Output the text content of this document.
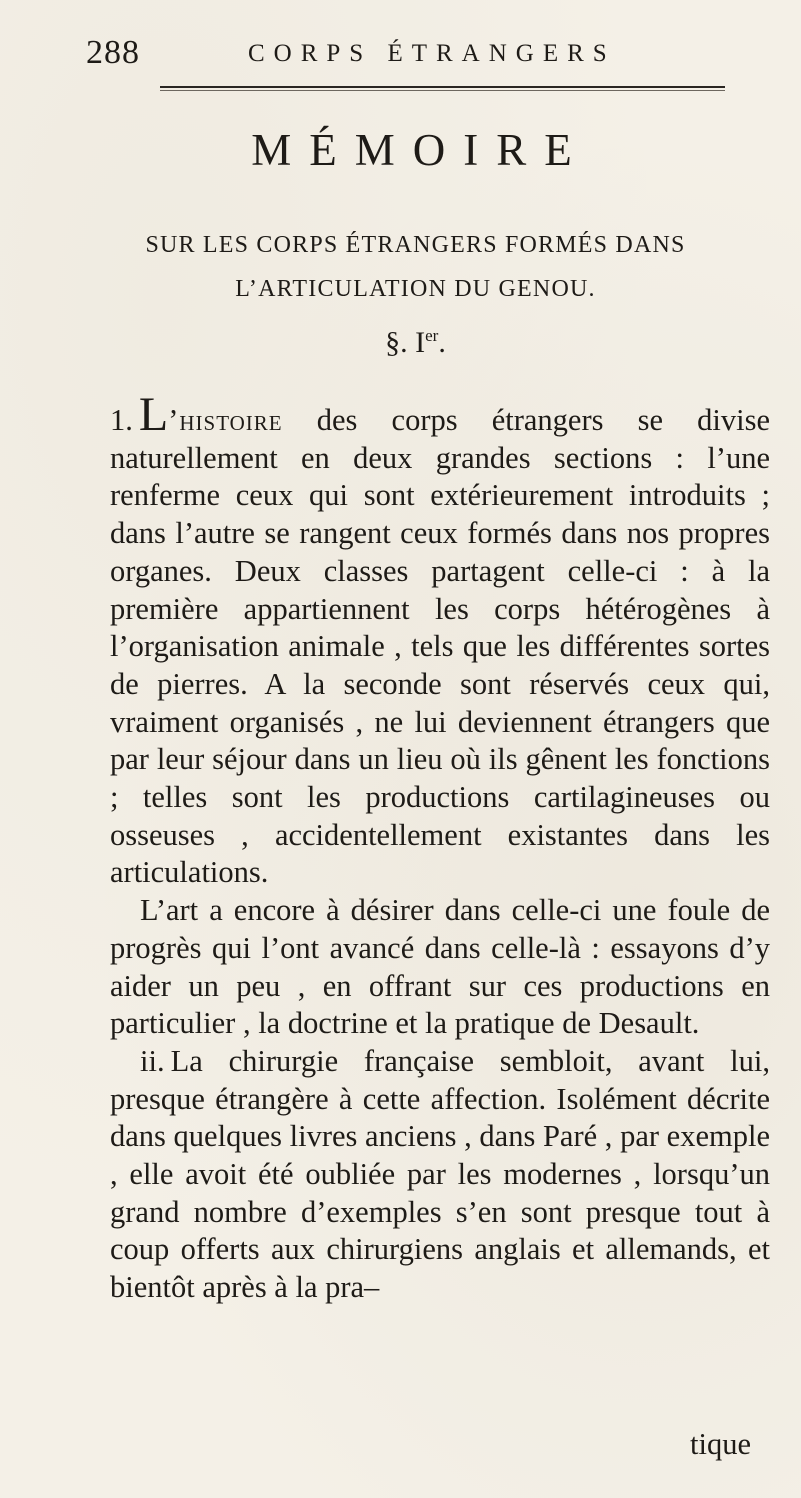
288	CORPS ÉTRANGERS
MÉMOIRE
SUR LES CORPS ÉTRANGERS FORMÉS DANS
L’ARTICULATION DU GENOU.
§. Ier.

1. L’histoire des corps étrangers se divise naturellement en deux grandes sections : l’une renferme ceux qui sont extérieurement introduits ; dans l’autre se rangent ceux formés dans nos propres organes. Deux classes partagent celle-ci : à la première appartiennent les corps hétérogènes à l’organisation animale , tels que les différentes sortes de pierres. A la seconde sont réservés ceux qui, vraiment organisés , ne lui deviennent étrangers que par leur séjour dans un lieu où ils gênent les fonctions ; telles sont les productions cartilagineuses ou osseuses , accidentellement existantes dans les articulations.

L’art a encore à désirer dans celle-ci une foule de progrès qui l’ont avancé dans celle-là : essayons d’y aider un peu , en offrant sur ces productions en particulier , la doctrine et la pratique de Desault.

ii. La chirurgie française sembloit, avant lui, presque étrangère à cette affection. Isolément décrite dans quelques livres anciens , dans Paré , par exemple , elle avoit été oubliée par les modernes , lorsqu’un grand nombre d’exemples s’en sont presque tout à coup offerts aux chirurgiens anglais et allemands, et bientôt après à la pra–

tique
